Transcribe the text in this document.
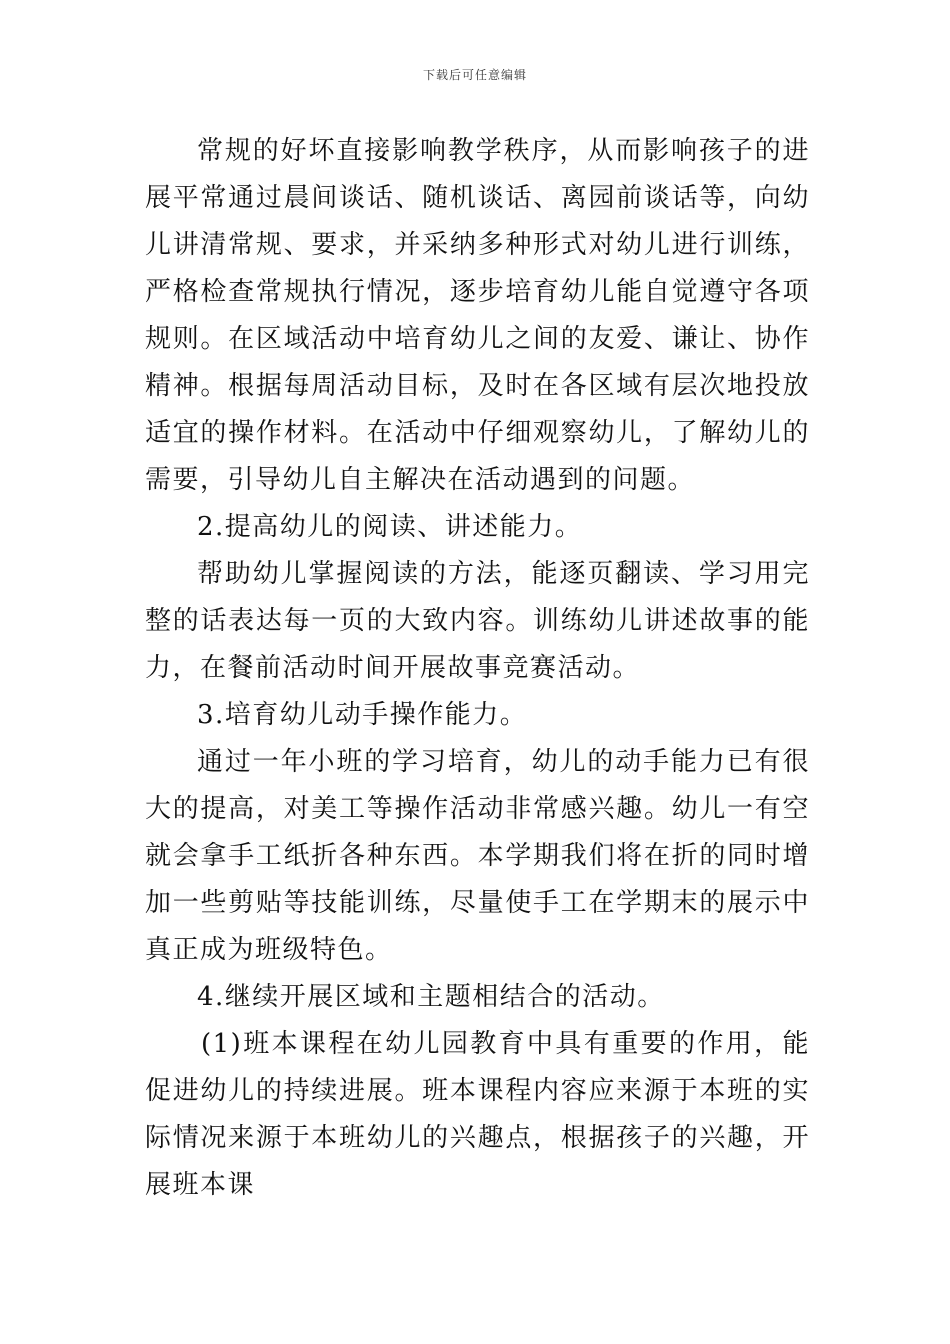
下载后可任意编辑

常规的好坏直接影响教学秩序，从而影响孩子的进展平常通过晨间谈话、随机谈话、离园前谈话等，向幼儿讲清常规、要求，并采纳多种形式对幼儿进行训练，严格检查常规执行情况，逐步培育幼儿能自觉遵守各项规则。在区域活动中培育幼儿之间的友爱、谦让、协作精神。根据每周活动目标，及时在各区域有层次地投放适宜的操作材料。在活动中仔细观察幼儿，了解幼儿的需要，引导幼儿自主解决在活动遇到的问题。

2.提高幼儿的阅读、讲述能力。

帮助幼儿掌握阅读的方法，能逐页翻读、学习用完整的话表达每一页的大致内容。训练幼儿讲述故事的能力，在餐前活动时间开展故事竞赛活动。

3.培育幼儿动手操作能力。

通过一年小班的学习培育，幼儿的动手能力已有很大的提高，对美工等操作活动非常感兴趣。幼儿一有空就会拿手工纸折各种东西。本学期我们将在折的同时增加一些剪贴等技能训练，尽量使手工在学期末的展示中真正成为班级特色。

4.继续开展区域和主题相结合的活动。

(1)班本课程在幼儿园教育中具有重要的作用，能促进幼儿的持续进展。班本课程内容应来源于本班的实际情况来源于本班幼儿的兴趣点，根据孩子的兴趣，开展班本课
